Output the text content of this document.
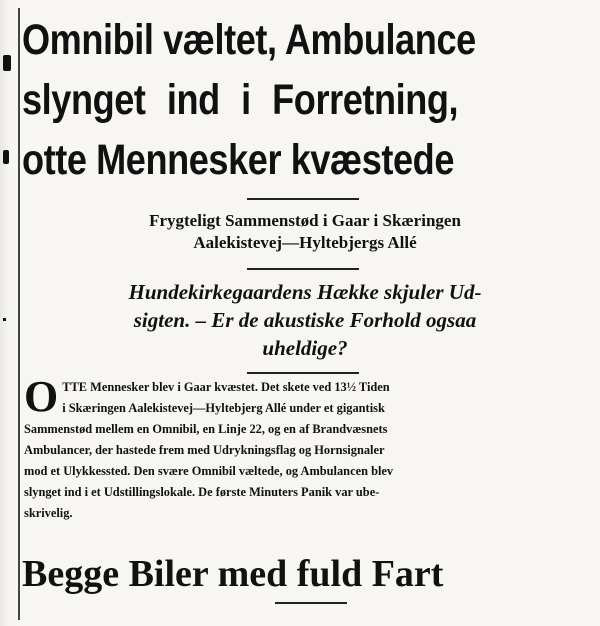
Omnibil væltet, Ambulance
slynget ind i Forretning,
otte Mennesker kvæstede
Frygteligt Sammenstød i Gaar i Skæringen
Aalekistevej—Hyltebjergs Allé
Hundekirkegaardens Hække skjuler Ud-
sigten. – Er de akustiske Forhold ogsaa
uheldige?
O TTE Mennesker blev i Gaar kvæstet. Det skete ved 13½ Tiden
i Skæringen Aalekistevej—Hyltebjerg Allé under et gigantisk
Sammenstød mellem en Omnibil, en Linje 22, og en af Brandvæsnets
Ambulancer, der hastede frem med Udrykningsflag og Hornsignaler
mod et Ulykkessted. Den svære Omnibil væltede, og Ambulancen blev
slynget ind i et Udstillingslokale. De første Minuters Panik var ube-
skrivelig.
Begge Biler med fuld Fart
